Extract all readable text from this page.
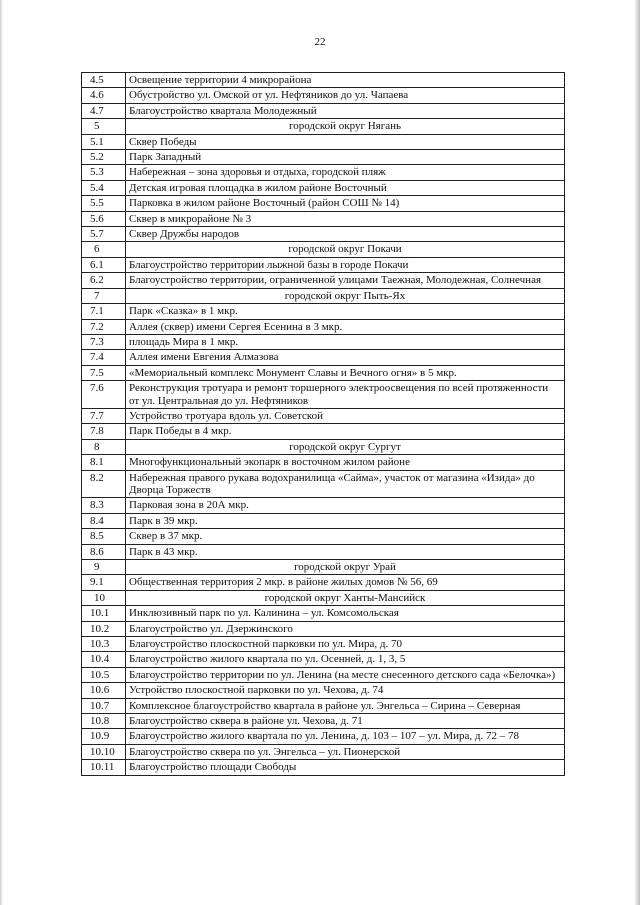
22
4.5	Освещение территории 4 микрорайона
4.6	Обустройство ул. Омской от ул. Нефтяников до ул. Чапаева
4.7	Благоустройство квартала Молодежный
5	городской округ Нягань
5.1	Сквер Победы
5.2	Парк Западный
5.3	Набережная – зона здоровья и отдыха, городской пляж
5.4	Детская игровая площадка в жилом районе Восточный
5.5	Парковка в жилом районе Восточный (район СОШ № 14)
5.6	Сквер в микрорайоне № 3
5.7	Сквер Дружбы народов
6	городской округ Покачи
6.1	Благоустройство территории лыжной базы в городе Покачи
6.2	Благоустройство территории, ограниченной улицами Таежная, Молодежная, Солнечная
7	городской округ Пыть-Ях
7.1	Парк «Сказка» в 1 мкр.
7.2	Аллея (сквер) имени Сергея Есенина в 3 мкр.
7.3	площадь Мира в 1 мкр.
7.4	Аллея имени Евгения Алмазова
7.5	«Мемориальный комплекс Монумент Славы и Вечного огня» в 5 мкр.
7.6	Реконструкция тротуара и ремонт торшерного электроосвещения по всей протяженности от ул. Центральная до ул. Нефтяников
7.7	Устройство тротуара вдоль ул. Советской
7.8	Парк Победы в 4 мкр.
8	городской округ Сургут
8.1	Многофункциональный экопарк в восточном жилом районе
8.2	Набережная правого рукава водохранилища «Сайма», участок от магазина «Изида» до Дворца Торжеств
8.3	Парковая зона в 20А мкр.
8.4	Парк в 39 мкр.
8.5	Сквер в 37 мкр.
8.6	Парк в 43 мкр.
9	городской округ Урай
9.1	Общественная территория 2 мкр. в районе жилых домов № 56, 69
10	городской округ Ханты-Мансийск
10.1	Инклюзивный парк по ул. Калинина – ул. Комсомольская
10.2	Благоустройство ул. Дзержинского
10.3	Благоустройство плоскостной парковки по ул. Мира, д. 70
10.4	Благоустройство жилого квартала по ул. Осенней, д. 1, 3, 5
10.5	Благоустройство территории по ул. Ленина (на месте снесенного детского сада «Белочка»)
10.6	Устройство плоскостной парковки по ул. Чехова, д. 74
10.7	Комплексное благоустройство квартала в районе ул. Энгельса – Сирина – Северная
10.8	Благоустройство сквера в районе ул. Чехова, д. 71
10.9	Благоустройство жилого квартала по ул. Ленина, д. 103 – 107 – ул. Мира, д. 72 – 78
10.10	Благоустройство сквера по ул. Энгельса – ул. Пионерской
10.11	Благоустройство площади Свободы
